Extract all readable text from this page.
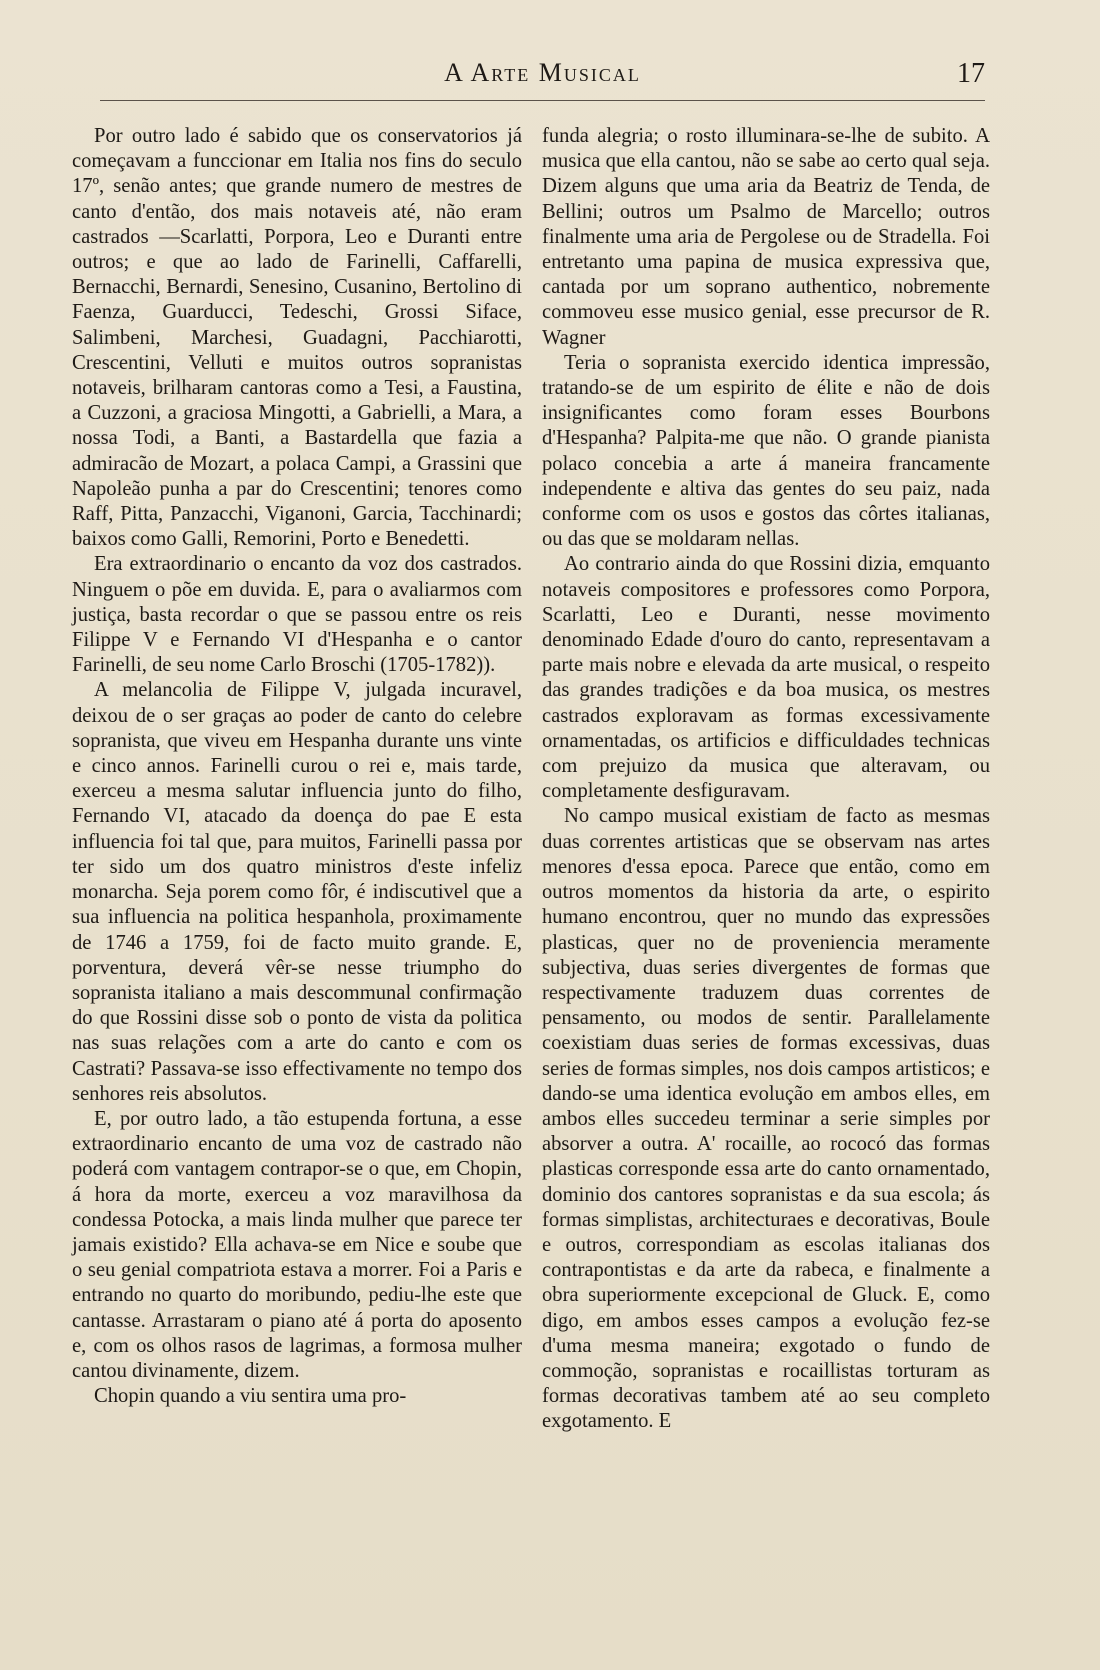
A Arte Musical	17

Por outro lado é sabido que os conservatorios já começavam a funccionar em Italia nos fins do seculo 17º, senão antes; que grande numero de mestres de canto d'então, dos mais notaveis até, não eram castrados —Scarlatti, Porpora, Leo e Duranti entre outros; e que ao lado de Farinelli, Caffarelli, Bernacchi, Bernardi, Senesino, Cusanino, Bertolino di Faenza, Guarducci, Tedeschi, Grossi Siface, Salimbeni, Marchesi, Guadagni, Pacchiarotti, Crescentini, Velluti e muitos outros sopranistas notaveis, brilharam cantoras como a Tesi, a Faustina, a Cuzzoni, a graciosa Mingotti, a Gabrielli, a Mara, a nossa Todi, a Banti, a Bastardella que fazia a admiracão de Mozart, a polaca Campi, a Grassini que Napoleão punha a par do Crescentini; tenores como Raff, Pitta, Panzacchi, Viganoni, Garcia, Tacchinardi; baixos como Galli, Remorini, Porto e Benedetti.

Era extraordinario o encanto da voz dos castrados. Ninguem o põe em duvida. E, para o avaliarmos com justiça, basta recordar o que se passou entre os reis Filippe V e Fernando VI d'Hespanha e o cantor Farinelli, de seu nome Carlo Broschi (1705-1782)).

A melancolia de Filippe V, julgada incuravel, deixou de o ser graças ao poder de canto do celebre sopranista, que viveu em Hespanha durante uns vinte e cinco annos. Farinelli curou o rei e, mais tarde, exerceu a mesma salutar influencia junto do filho, Fernando VI, atacado da doença do pae E esta influencia foi tal que, para muitos, Farinelli passa por ter sido um dos quatro ministros d'este infeliz monarcha. Seja porem como fôr, é indiscutivel que a sua influencia na politica hespanhola, proximamente de 1746 a 1759, foi de facto muito grande. E, porventura, deverá vêr-se nesse triumpho do sopranista italiano a mais descommunal confirmação do que Rossini disse sob o ponto de vista da politica nas suas relações com a arte do canto e com os Castrati? Passava-se isso effectivamente no tempo dos senhores reis absolutos.

E, por outro lado, a tão estupenda fortuna, a esse extraordinario encanto de uma voz de castrado não poderá com vantagem contrapor-se o que, em Chopin, á hora da morte, exerceu a voz maravilhosa da condessa Potocka, a mais linda mulher que parece ter jamais existido? Ella achava-se em Nice e soube que o seu genial compatriota estava a morrer. Foi a Paris e entrando no quarto do moribundo, pediu-lhe este que cantasse. Arrastaram o piano até á porta do aposento e, com os olhos rasos de lagrimas, a formosa mulher cantou divinamente, dizem.

Chopin quando a viu sentira uma pro-

funda alegria; o rosto illuminara-se-lhe de subito. A musica que ella cantou, não se sabe ao certo qual seja. Dizem alguns que uma aria da Beatriz de Tenda, de Bellini; outros um Psalmo de Marcello; outros finalmente uma aria de Pergolese ou de Stradella. Foi entretanto uma papina de musica expressiva que, cantada por um soprano authentico, nobremente commoveu esse musico genial, esse precursor de R. Wagner

Teria o sopranista exercido identica impressão, tratando-se de um espirito de élite e não de dois insignificantes como foram esses Bourbons d'Hespanha? Palpita-me que não. O grande pianista polaco concebia a arte á maneira francamente independente e altiva das gentes do seu paiz, nada conforme com os usos e gostos das côrtes italianas, ou das que se moldaram nellas.

Ao contrario ainda do que Rossini dizia, emquanto notaveis compositores e professores como Porpora, Scarlatti, Leo e Duranti, nesse movimento denominado Edade d'ouro do canto, representavam a parte mais nobre e elevada da arte musical, o respeito das grandes tradições e da boa musica, os mestres castrados exploravam as formas excessivamente ornamentadas, os artificios e difficuldades technicas com prejuizo da musica que alteravam, ou completamente desfiguravam.

No campo musical existiam de facto as mesmas duas correntes artisticas que se observam nas artes menores d'essa epoca. Parece que então, como em outros momentos da historia da arte, o espirito humano encontrou, quer no mundo das expressões plasticas, quer no de proveniencia meramente subjectiva, duas series divergentes de formas que respectivamente traduzem duas correntes de pensamento, ou modos de sentir. Parallelamente coexistiam duas series de formas excessivas, duas series de formas simples, nos dois campos artisticos; e dando-se uma identica evolução em ambos elles, em ambos elles succedeu terminar a serie simples por absorver a outra. A' rocaille, ao rococó das formas plasticas corresponde essa arte do canto ornamentado, dominio dos cantores sopranistas e da sua escola; ás formas simplistas, architecturaes e decorativas, Boule e outros, correspondiam as escolas italianas dos contrapontistas e da arte da rabeca, e finalmente a obra superiormente excepcional de Gluck. E, como digo, em ambos esses campos a evolução fez-se d'uma mesma maneira; exgotado o fundo de commoção, sopranistas e rocaillistas torturam as formas decorativas tambem até ao seu completo exgotamento. E
